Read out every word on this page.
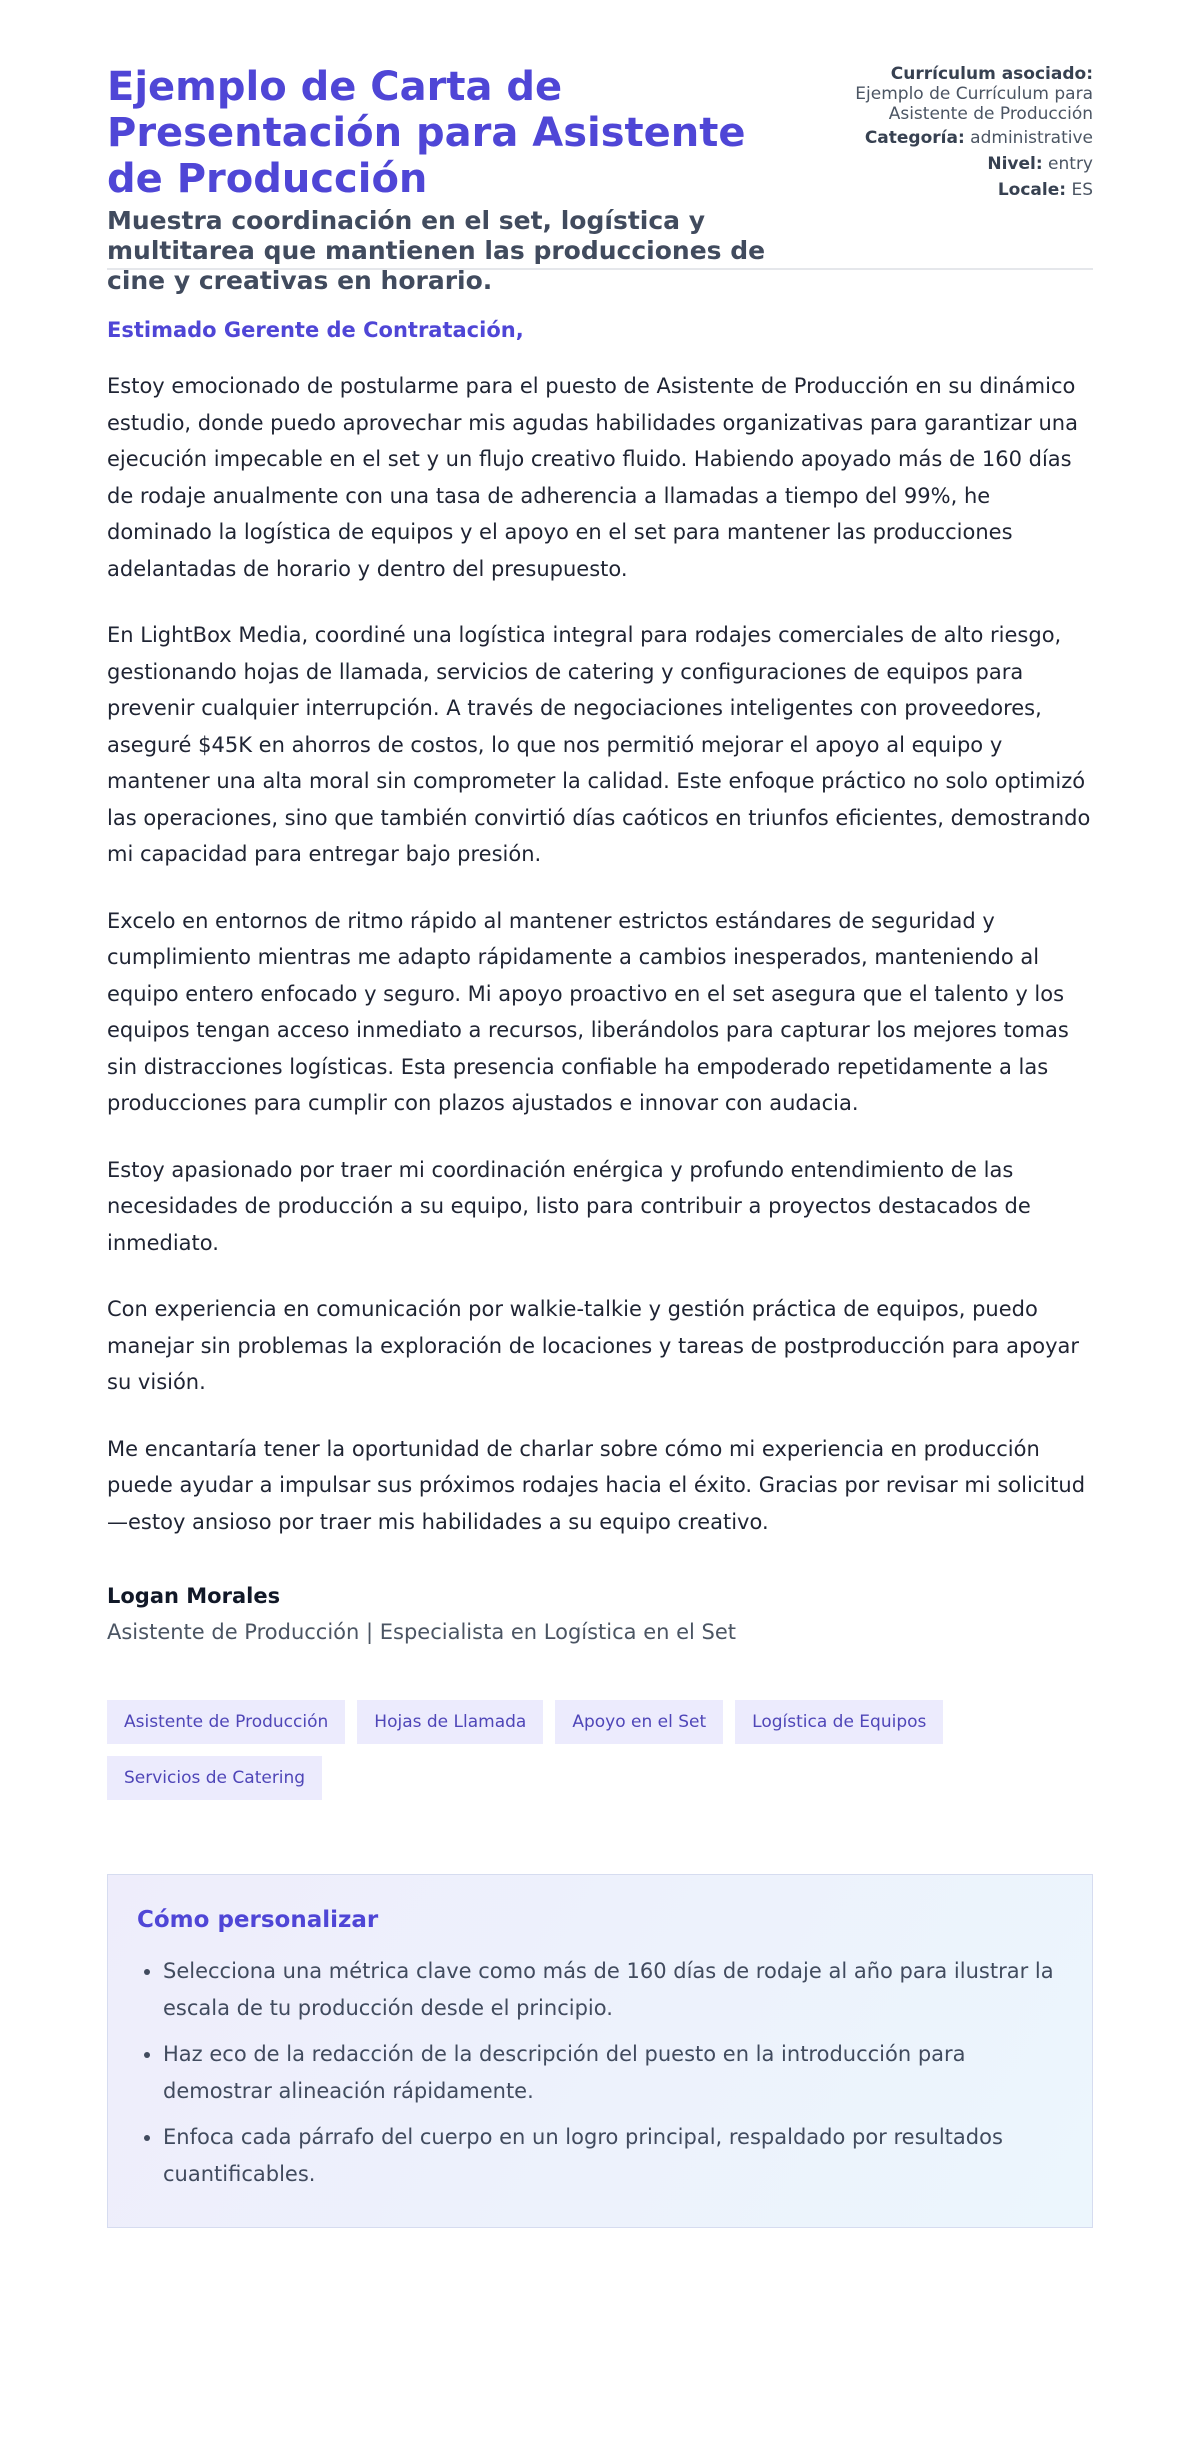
Ejemplo de Carta de Presentación para Asistente de Producción
Muestra coordinación en el set, logística y multitarea que mantienen las producciones de cine y creativas en horario.
Currículum asociado:
Ejemplo de Currículum para Asistente de Producción
Categoría: administrative
Nivel: entry
Locale: ES

Estimado Gerente de Contratación,

Estoy emocionado de postularme para el puesto de Asistente de Producción en su dinámico estudio, donde puedo aprovechar mis agudas habilidades organizativas para garantizar una ejecución impecable en el set y un flujo creativo fluido. Habiendo apoyado más de 160 días de rodaje anualmente con una tasa de adherencia a llamadas a tiempo del 99%, he dominado la logística de equipos y el apoyo en el set para mantener las producciones adelantadas de horario y dentro del presupuesto.

En LightBox Media, coordiné una logística integral para rodajes comerciales de alto riesgo, gestionando hojas de llamada, servicios de catering y configuraciones de equipos para prevenir cualquier interrupción. A través de negociaciones inteligentes con proveedores, aseguré $45K en ahorros de costos, lo que nos permitió mejorar el apoyo al equipo y mantener una alta moral sin comprometer la calidad. Este enfoque práctico no solo optimizó las operaciones, sino que también convirtió días caóticos en triunfos eficientes, demostrando mi capacidad para entregar bajo presión.

Excelo en entornos de ritmo rápido al mantener estrictos estándares de seguridad y cumplimiento mientras me adapto rápidamente a cambios inesperados, manteniendo al equipo entero enfocado y seguro. Mi apoyo proactivo en el set asegura que el talento y los equipos tengan acceso inmediato a recursos, liberándolos para capturar los mejores tomas sin distracciones logísticas. Esta presencia confiable ha empoderado repetidamente a las producciones para cumplir con plazos ajustados e innovar con audacia.

Estoy apasionado por traer mi coordinación enérgica y profundo entendimiento de las necesidades de producción a su equipo, listo para contribuir a proyectos destacados de inmediato.

Con experiencia en comunicación por walkie-talkie y gestión práctica de equipos, puedo manejar sin problemas la exploración de locaciones y tareas de postproducción para apoyar su visión.

Me encantaría tener la oportunidad de charlar sobre cómo mi experiencia en producción puede ayudar a impulsar sus próximos rodajes hacia el éxito. Gracias por revisar mi solicitud—estoy ansioso por traer mis habilidades a su equipo creativo.

Logan Morales
Asistente de Producción | Especialista en Logística en el Set
Asistente de Producción	Hojas de Llamada	Apoyo en el Set	Logística de Equipos
Servicios de Catering
Cómo personalizar
• Selecciona una métrica clave como más de 160 días de rodaje al año para ilustrar la escala de tu producción desde el principio.
• Haz eco de la redacción de la descripción del puesto en la introducción para demostrar alineación rápidamente.
• Enfoca cada párrafo del cuerpo en un logro principal, respaldado por resultados cuantificables.
